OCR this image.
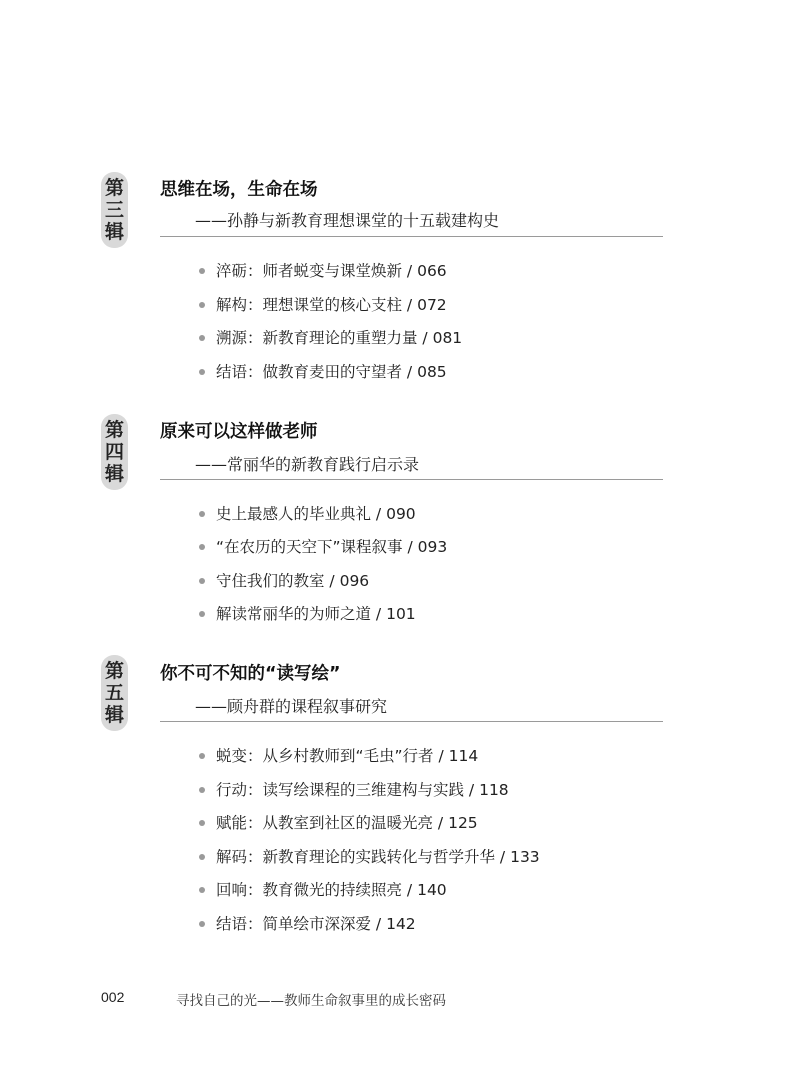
第
三
辑
思维在场，生命在场
——孙静与新教育理想课堂的十五载建构史
淬砺：师者蜕变与课堂焕新 / 066
解构：理想课堂的核心支柱 / 072
溯源：新教育理论的重塑力量 / 081
结语：做教育麦田的守望者 / 085
第
四
辑
原来可以这样做老师
——常丽华的新教育践行启示录
史上最感人的毕业典礼 / 090
“在农历的天空下”课程叙事 / 093
守住我们的教室 / 096
解读常丽华的为师之道 / 101
第
五
辑
你不可不知的“读写绘”
——顾舟群的课程叙事研究
蜕变：从乡村教师到“毛虫”行者 / 114
行动：读写绘课程的三维建构与实践 / 118
赋能：从教室到社区的温暖光亮 / 125
解码：新教育理论的实践转化与哲学升华 / 133
回响：教育微光的持续照亮 / 140
结语：简单绘市深深爱 / 142
002	寻找自己的光——教师生命叙事里的成长密码
